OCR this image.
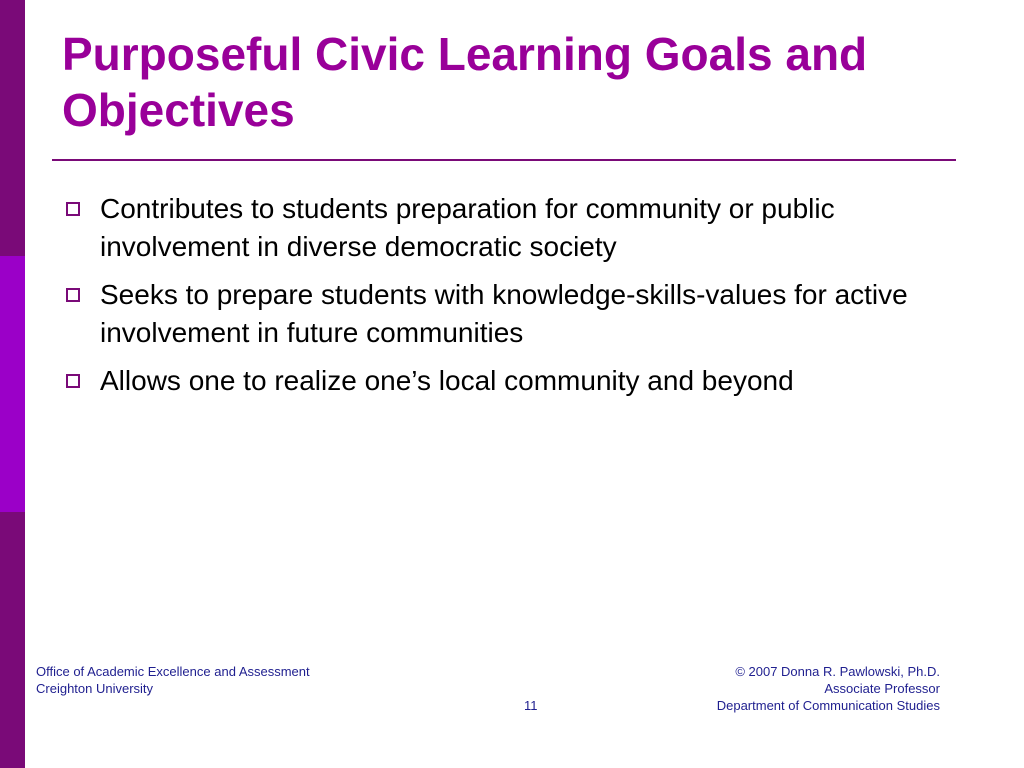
Purposeful Civic Learning Goals and Objectives
Contributes to students preparation for community or public involvement in diverse democratic society
Seeks to prepare students with knowledge-skills-values for active involvement in future communities
Allows one to realize one’s local community and beyond
Office of Academic Excellence and Assessment
Creighton University
11
© 2007 Donna R. Pawlowski, Ph.D.
Associate Professor
Department of Communication Studies
